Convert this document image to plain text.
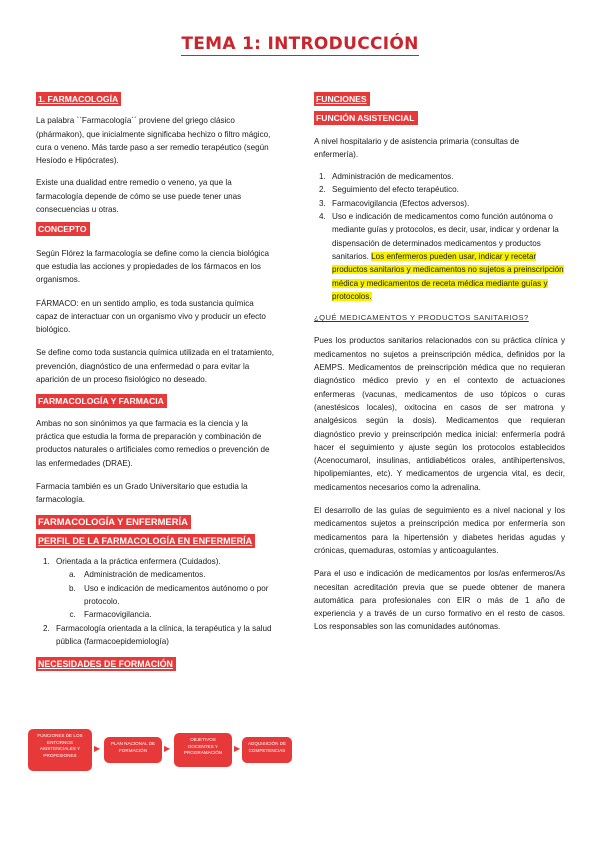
TEMA 1: INTRODUCCIÓN
1. FARMACOLOGÍA

La palabra ``Farmacología´´ proviene del griego clásico (phármakon), que inicialmente significaba hechizo o filtro mágico, cura o veneno. Más tarde paso a ser remedio terapéutico (según Hesíodo e Hipócrates).

Existe una dualidad entre remedio o veneno, ya que la farmacología depende de cómo se use puede tener unas consecuencias u otras.

CONCEPTO

Según Flórez la farmacología se define como la ciencia biológica que estudia las acciones y propiedades de los fármacos en los organismos.

FÁRMACO: en un sentido amplio, es toda sustancia química capaz de interactuar con un organismo vivo y producir un efecto biológico.

Se define como toda sustancia química utilizada en el tratamiento, prevención, diagnóstico de una enfermedad o para evitar la aparición de un proceso fisiológico no deseado.

FARMACOLOGÍA Y FARMACIA

Ambas no son sinónimos ya que farmacia es la ciencia y la práctica que estudia la forma de preparación y combinación de productos naturales o artificiales como remedios o prevención de las enfermedades (DRAE).

Farmacia también es un Grado Universitario que estudia la farmacología.

FARMACOLOGÍA Y ENFERMERÍA
PERFIL DE LA FARMACOLOGÍA EN ENFERMERÍA
1. Orientada a la práctica enfermera (Cuidados).
a. Administración de medicamentos.
b. Uso e indicación de medicamentos autónomo o por protocolo.
c. Farmacovigilancia.
2. Farmacología orientada a la clínica, la terapéutica y la salud pública (farmacoepidemiología)
NECESIDADES DE FORMACIÓN
FUNCIONES DE LOS ENTORNOS ASISTENCIALES Y PROFESIONES
▶
PLAN NACIONAL DE FORMACIÓN	▶
OBJETIVOS DOCENTES Y PROGRAMACIÓN	▶
ADQUISICIÓN DE COMPETENCIAS
FUNCIONES
FUNCIÓN ASISTENCIAL

A nivel hospitalario y de asistencia primaria (consultas de enfermería).

1. Administración de medicamentos.
2. Seguimiento del efecto terapéutico.
3. Farmacovigilancia (Efectos adversos).
4. Uso e indicación de medicamentos como función autónoma o mediante guías y protocolos, es decir, usar, indicar y ordenar la dispensación de determinados medicamentos y productos sanitarios. Los enfermeros pueden usar, indicar y recetar productos sanitarios y medicamentos no sujetos a preinscripción médica y medicamentos de receta médica mediante guías y protocolos.

¿QUÉ MEDICAMENTOS Y PRODUCTOS SANITARIOS?

Pues los productos sanitarios relacionados con su práctica clínica y medicamentos no sujetos a preinscripción médica, definidos por la AEMPS. Medicamentos de preinscripción médica que no requieran diagnóstico médico previo y en el contexto de actuaciones enfermeras (vacunas, medicamentos de uso tópicos o curas (anestésicos locales), oxitocina en casos de ser matrona y analgésicos según la dosis). Medicamentos que requieran diagnóstico previo y preinscripción medica inicial: enfermería podrá hacer el seguimiento y ajuste según los protocolos establecidos (Acenocumarol, insulinas, antidiabéticos orales, antihipertensivos, hipolipemiantes, etc). Y medicamentos de urgencia vital, es decir, medicamentos necesarios como la adrenalina.

El desarrollo de las guías de seguimiento es a nivel nacional y los medicamentos sujetos a preinscripción medica por enfermería son medicamentos para la hipertensión y diabetes heridas agudas y crónicas, quemaduras, ostomías y anticoagulantes.

Para el uso e indicación de medicamentos por los/as enfermeros/As necesitan acreditación previa que se puede obtener de manera automática para profesionales con EIR o más de 1 año de experiencia y a través de un curso formativo en el resto de casos. Los responsables son las comunidades autónomas.
